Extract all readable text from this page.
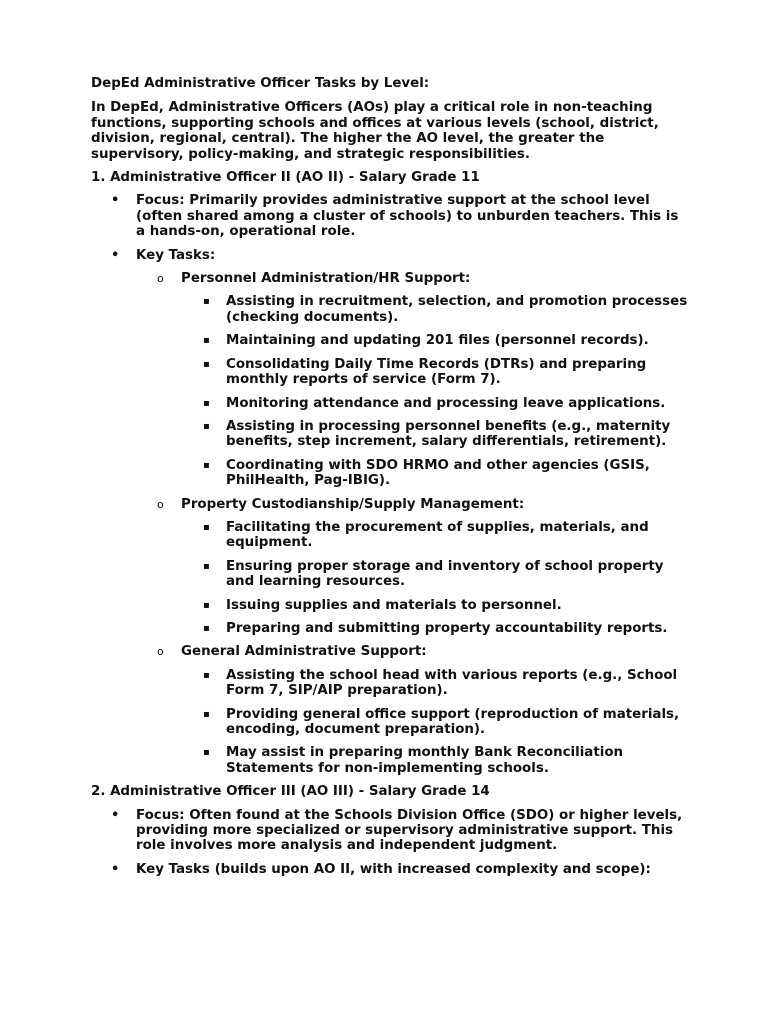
DepEd Administrative Officer Tasks by Level:

In DepEd, Administrative Officers (AOs) play a critical role in non-teaching functions, supporting schools and offices at various levels (school, district, division, regional, central). The higher the AO level, the greater the supervisory, policy-making, and strategic responsibilities.

1. Administrative Officer II (AO II) - Salary Grade 11

• Focus: Primarily provides administrative support at the school level (often shared among a cluster of schools) to unburden teachers. This is a hands-on, operational role.
• Key Tasks:
o Personnel Administration/HR Support:
▪ Assisting in recruitment, selection, and promotion processes (checking documents).
▪ Maintaining and updating 201 files (personnel records).
▪ Consolidating Daily Time Records (DTRs) and preparing monthly reports of service (Form 7).
▪ Monitoring attendance and processing leave applications.
▪ Assisting in processing personnel benefits (e.g., maternity benefits, step increment, salary differentials, retirement).
▪ Coordinating with SDO HRMO and other agencies (GSIS, PhilHealth, Pag-IBIG).
o Property Custodianship/Supply Management:
▪ Facilitating the procurement of supplies, materials, and equipment.
▪ Ensuring proper storage and inventory of school property and learning resources.
▪ Issuing supplies and materials to personnel.
▪ Preparing and submitting property accountability reports.
o General Administrative Support:
▪ Assisting the school head with various reports (e.g., School Form 7, SIP/AIP preparation).
▪ Providing general office support (reproduction of materials, encoding, document preparation).
▪ May assist in preparing monthly Bank Reconciliation Statements for non-implementing schools.

2. Administrative Officer III (AO III) - Salary Grade 14

• Focus: Often found at the Schools Division Office (SDO) or higher levels, providing more specialized or supervisory administrative support. This role involves more analysis and independent judgment.
• Key Tasks (builds upon AO II, with increased complexity and scope):
